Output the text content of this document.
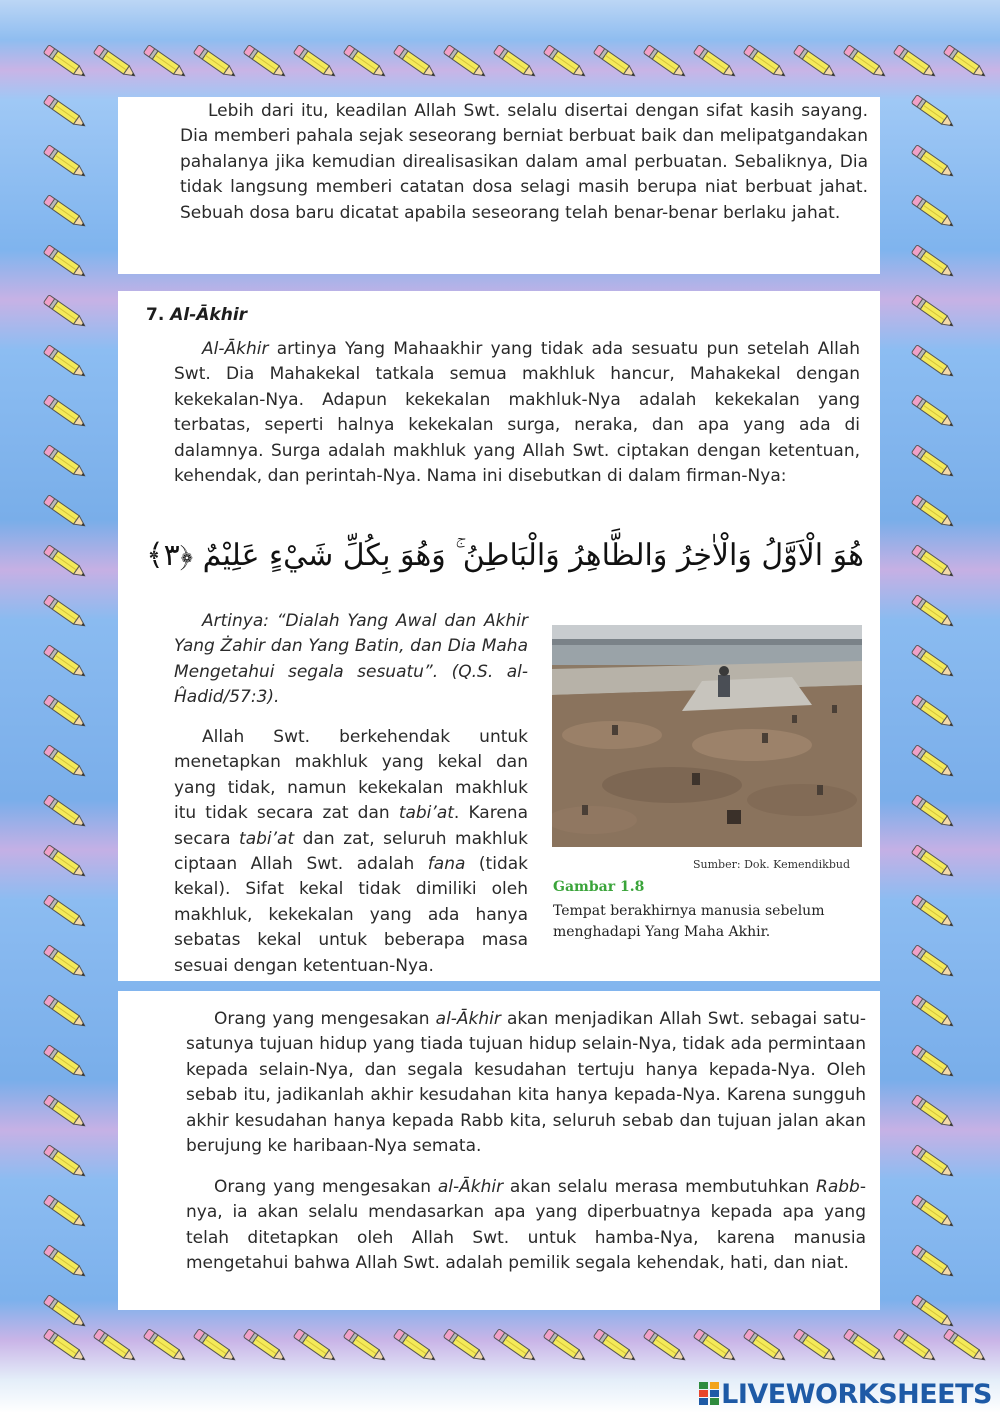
Lebih dari itu, keadilan Allah Swt. selalu disertai dengan sifat kasih sayang. Dia memberi pahala sejak seseorang berniat berbuat baik dan melipatgandakan pahalanya jika kemudian direalisasikan dalam amal perbuatan. Sebaliknya, Dia tidak langsung memberi catatan dosa selagi masih berupa niat berbuat jahat. Sebuah dosa baru dicatat apabila seseorang telah benar-benar berlaku jahat.

7. Al-Ākhir

Al-Ākhir artinya Yang Mahaakhir yang tidak ada sesuatu pun setelah Allah Swt. Dia Mahakekal tatkala semua makhluk hancur, Mahakekal dengan kekekalan-Nya. Adapun kekekalan makhluk-Nya adalah kekekalan yang terbatas, seperti halnya kekekalan surga, neraka, dan apa yang ada di dalamnya. Surga adalah makhluk yang Allah Swt. ciptakan dengan ketentuan, kehendak, dan perintah-Nya. Nama ini disebutkan di dalam firman-Nya:

هُوَ الْاَوَّلُ وَالْاٰخِرُ وَالظَّاهِرُ وَالْبَاطِنُ ۚ وَهُوَ بِكُلِّ شَيْءٍ عَلِيْمٌ ﴿٣﴾

Artinya: “Dialah Yang Awal dan Akhir Yang Żahir dan Yang Batin, dan Dia Maha Mengetahui segala sesuatu”. (Q.S. al-Ĥadid/57:3).

Allah Swt. berkehendak untuk menetapkan makhluk yang kekal dan yang tidak, namun kekekalan makhluk itu tidak secara zat dan tabi’at. Karena secara tabi’at dan zat, seluruh makhluk ciptaan Allah Swt. adalah fana (tidak kekal). Sifat kekal tidak dimiliki oleh makhluk, kekekalan yang ada hanya sebatas kekal untuk beberapa masa sesuai dengan ketentuan-Nya.

Sumber: Dok. Kemendikbud
Gambar 1.8
Tempat berakhirnya manusia sebelum menghadapi Yang Maha Akhir.

Orang yang mengesakan al-Ākhir akan menjadikan Allah Swt. sebagai satu-satunya tujuan hidup yang tiada tujuan hidup selain-Nya, tidak ada permintaan kepada selain-Nya, dan segala kesudahan tertuju hanya kepada-Nya. Oleh sebab itu, jadikanlah akhir kesudahan kita hanya kepada-Nya. Karena sungguh akhir kesudahan hanya kepada Rabb kita, seluruh sebab dan tujuan jalan akan berujung ke haribaan-Nya semata.

Orang yang mengesakan al-Ākhir akan selalu merasa membutuhkan Rabb-nya, ia akan selalu mendasarkan apa yang diperbuatnya kepada apa yang telah ditetapkan oleh Allah Swt. untuk hamba-Nya, karena manusia mengetahui bahwa Allah Swt. adalah pemilik segala kehendak, hati, dan niat.

LIVEWORKSHEETS
